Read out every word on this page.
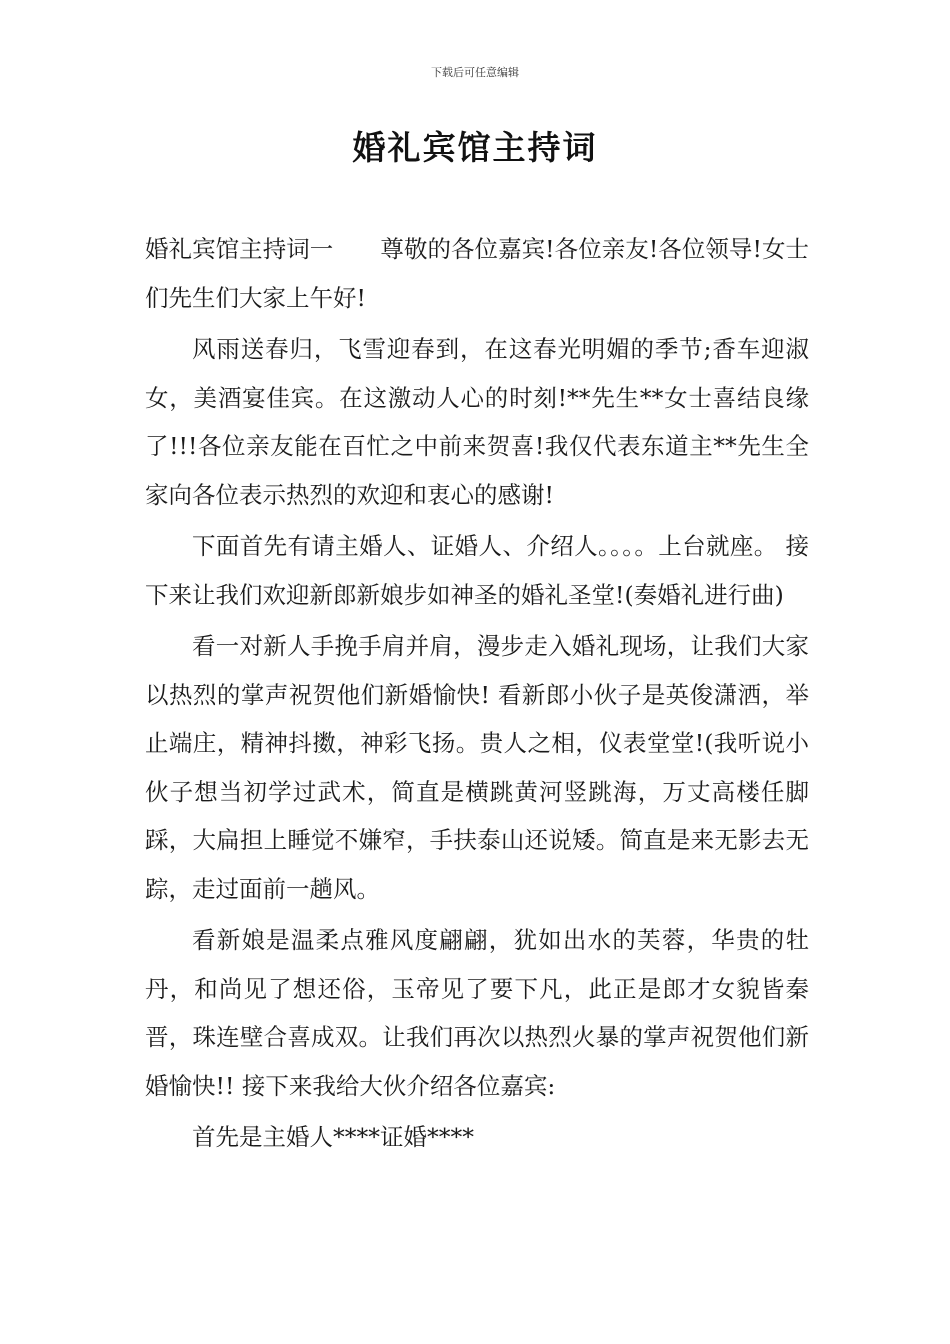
下载后可任意编辑
婚礼宾馆主持词

婚礼宾馆主持词一　　尊敬的各位嘉宾!各位亲友!各位领导!女士们先生们大家上午好!

风雨送春归，飞雪迎春到，在这春光明媚的季节;香车迎淑女，美酒宴佳宾。在这激动人心的时刻!**先生**女士喜结良缘了!!!各位亲友能在百忙之中前来贺喜!我仅代表东道主**先生全家向各位表示热烈的欢迎和衷心的感谢!

下面首先有请主婚人、证婚人、介绍人。。。。上台就座。 接下来让我们欢迎新郎新娘步如神圣的婚礼圣堂!(奏婚礼进行曲)

看一对新人手挽手肩并肩，漫步走入婚礼现场，让我们大家以热烈的掌声祝贺他们新婚愉快! 看新郎小伙子是英俊潇洒，举止端庄，精神抖擞，神彩飞扬。贵人之相，仪表堂堂!(我听说小伙子想当初学过武术，简直是横跳黄河竖跳海，万丈高楼任脚踩，大扁担上睡觉不嫌窄，手扶泰山还说矮。简直是来无影去无踪，走过面前一趟风。

看新娘是温柔点雅风度翩翩，犹如出水的芙蓉，华贵的牡丹，和尚见了想还俗，玉帝见了要下凡，此正是郎才女貌皆秦晋，珠连壁合喜成双。让我们再次以热烈火暴的掌声祝贺他们新婚愉快!! 接下来我给大伙介绍各位嘉宾:

首先是主婚人****证婚****
